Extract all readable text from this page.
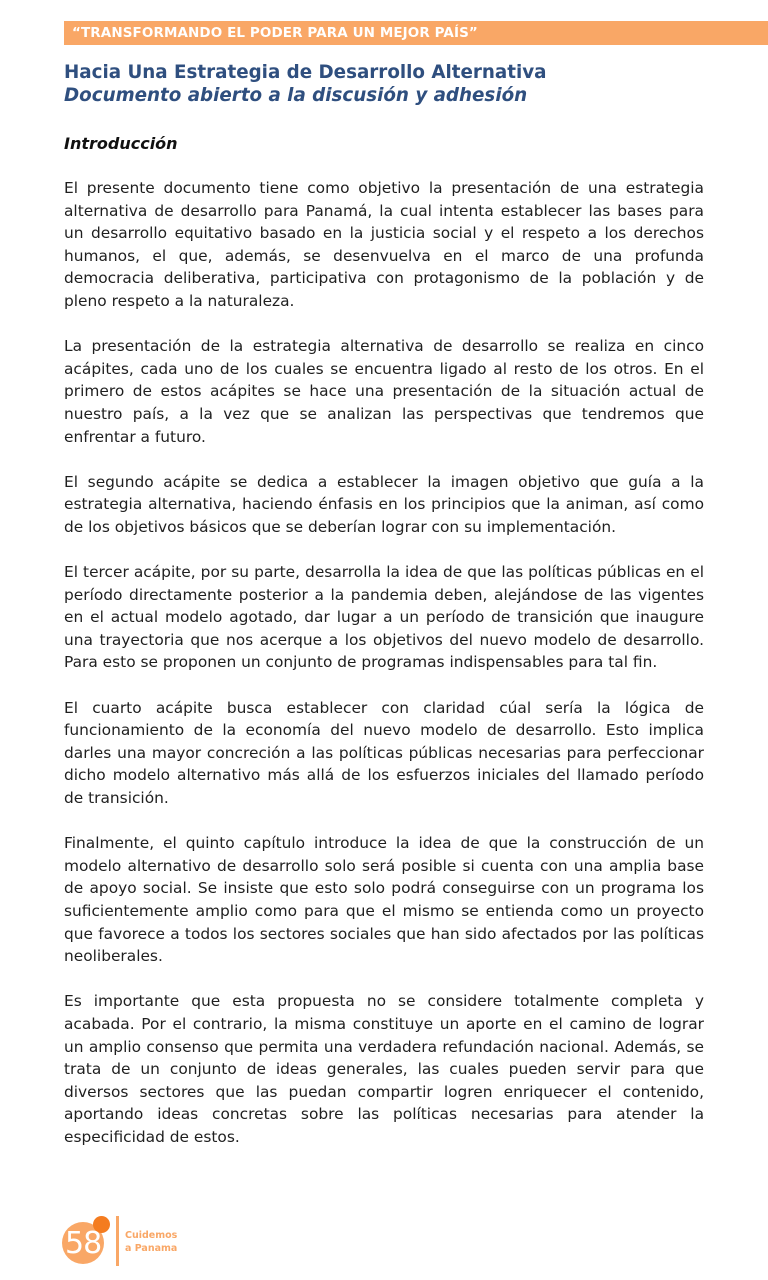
“TRANSFORMANDO EL PODER PARA UN MEJOR PAÍS”
Hacia Una Estrategia de Desarrollo Alternativa
Documento abierto a la discusión y adhesión
Introducción

El presente documento tiene como objetivo la presentación de una estrategia alternativa de desarrollo para Panamá, la cual intenta establecer las bases para un desarrollo equitativo basado en la justicia social y el respeto a los derechos humanos, el que, además, se desenvuelva en el marco de una profunda democracia deliberativa, participativa con protagonismo de la población y de pleno respeto a la naturaleza.

La presentación de la estrategia alternativa de desarrollo se realiza en cinco acápites, cada uno de los cuales se encuentra ligado al resto de los otros. En el primero de estos acápites se hace una presentación de la situación actual de nuestro país, a la vez que se analizan las perspectivas que tendremos que enfrentar a futuro.

El segundo acápite se dedica a establecer la imagen objetivo que guía a la estrategia alternativa, haciendo énfasis en los principios que la animan, así como de los objetivos básicos que se deberían lograr con su implementación.

El tercer acápite, por su parte, desarrolla la idea de que las políticas públicas en el período directamente posterior a la pandemia deben, alejándose de las vigentes en el actual modelo agotado, dar lugar a un período de transición que inaugure una trayectoria que nos acerque a los objetivos del nuevo modelo de desarrollo. Para esto se proponen un conjunto de programas indispensables para tal fin.

El cuarto acápite busca establecer con claridad cúal sería la lógica de funcionamiento de la economía del nuevo modelo de desarrollo. Esto implica darles una mayor concreción a las políticas públicas necesarias para perfeccionar dicho modelo alternativo más allá de los esfuerzos iniciales del llamado período de transición.

Finalmente, el quinto capítulo introduce la idea de que la construcción de un modelo alternativo de desarrollo solo será posible si cuenta con una amplia base de apoyo social. Se insiste que esto solo podrá conseguirse con un programa los suficientemente amplio como para que el mismo se entienda como un proyecto que favorece a todos los sectores sociales que han sido afectados por las políticas neoliberales.

Es importante que esta propuesta no se considere totalmente completa y acabada. Por el contrario, la misma constituye un aporte en el camino de lograr un amplio consenso que permita una verdadera refundación nacional. Además, se trata de un conjunto de ideas generales, las cuales pueden servir para que diversos sectores que las puedan compartir logren enriquecer el contenido, aportando ideas concretas sobre las políticas necesarias para atender la especificidad de estos.

58	Cuidemos
a Panama
